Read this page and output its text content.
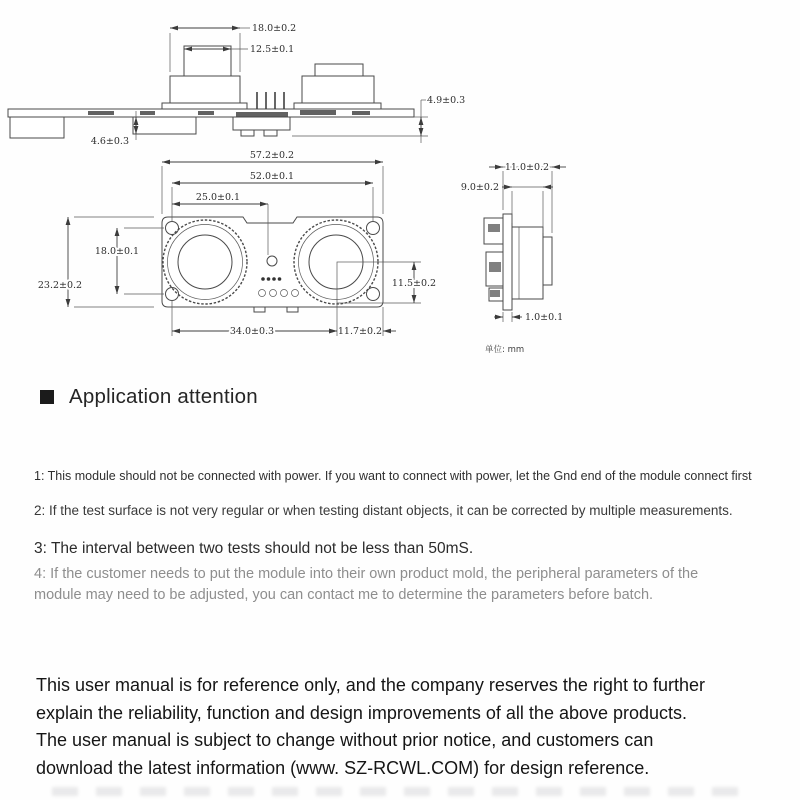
18.0±0.2
12.5±0.1
4.9±0.3
4.6±0.3
57.2±0.2
52.0±0.1
25.0±0.1
18.0±0.1
23.2±0.2	11.5±0.2
34.0±0.3	11.7±0.2
11.0±0.2
9.0±0.2
1.0±0.1
单位: mm
Application attention

1: This module should not be connected with power. If you want to connect with power, let the Gnd end of the module connect first

2: If the test surface is not very regular or when testing distant objects, it can be corrected by multiple measurements.

3: The interval between two tests should not be less than 50mS.

4: If the customer needs to put the module into their own product mold, the peripheral parameters of the
module may need to be adjusted, you can contact me to determine the parameters before batch.
This user manual is for reference only, and the company reserves the right to further
explain the reliability, function and design improvements of all the above products.
The user manual is subject to change without prior notice, and customers can
download the latest information (www. SZ-RCWL.COM) for design reference.
